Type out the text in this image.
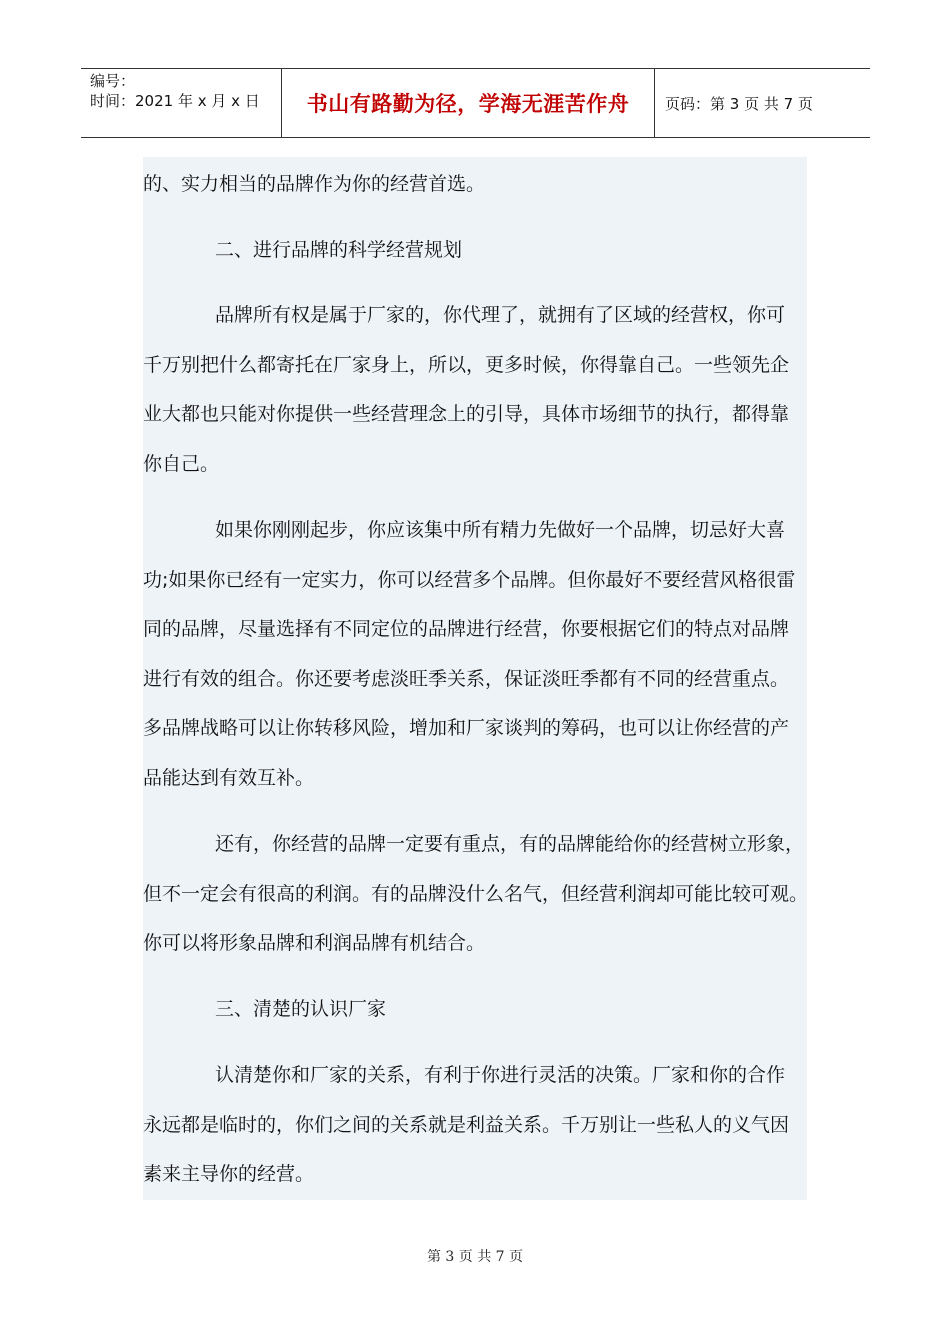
编号：
时间：2021 年 x 月 x 日 书山有路勤为径，学海无涯苦作舟	页码：第 3 页 共 7 页
的、实力相当的品牌作为你的经营首选。
二、进行品牌的科学经营规划
品牌所有权是属于厂家的，你代理了，就拥有了区域的经营权，你可
千万别把什么都寄托在厂家身上，所以，更多时候，你得靠自己。一些领先企
业大都也只能对你提供一些经营理念上的引导，具体市场细节的执行，都得靠
你自己。
如果你刚刚起步，你应该集中所有精力先做好一个品牌，切忌好大喜
功;如果你已经有一定实力，你可以经营多个品牌。但你最好不要经营风格很雷
同的品牌，尽量选择有不同定位的品牌进行经营，你要根据它们的特点对品牌
进行有效的组合。你还要考虑淡旺季关系，保证淡旺季都有不同的经营重点。
多品牌战略可以让你转移风险，增加和厂家谈判的筹码，也可以让你经营的产
品能达到有效互补。
还有，你经营的品牌一定要有重点，有的品牌能给你的经营树立形象，
但不一定会有很高的利润。有的品牌没什么名气，但经营利润却可能比较可观。
你可以将形象品牌和利润品牌有机结合。
三、清楚的认识厂家
认清楚你和厂家的关系，有利于你进行灵活的决策。厂家和你的合作
永远都是临时的，你们之间的关系就是利益关系。千万别让一些私人的义气因
素来主导你的经营。
第 3 页 共 7 页
